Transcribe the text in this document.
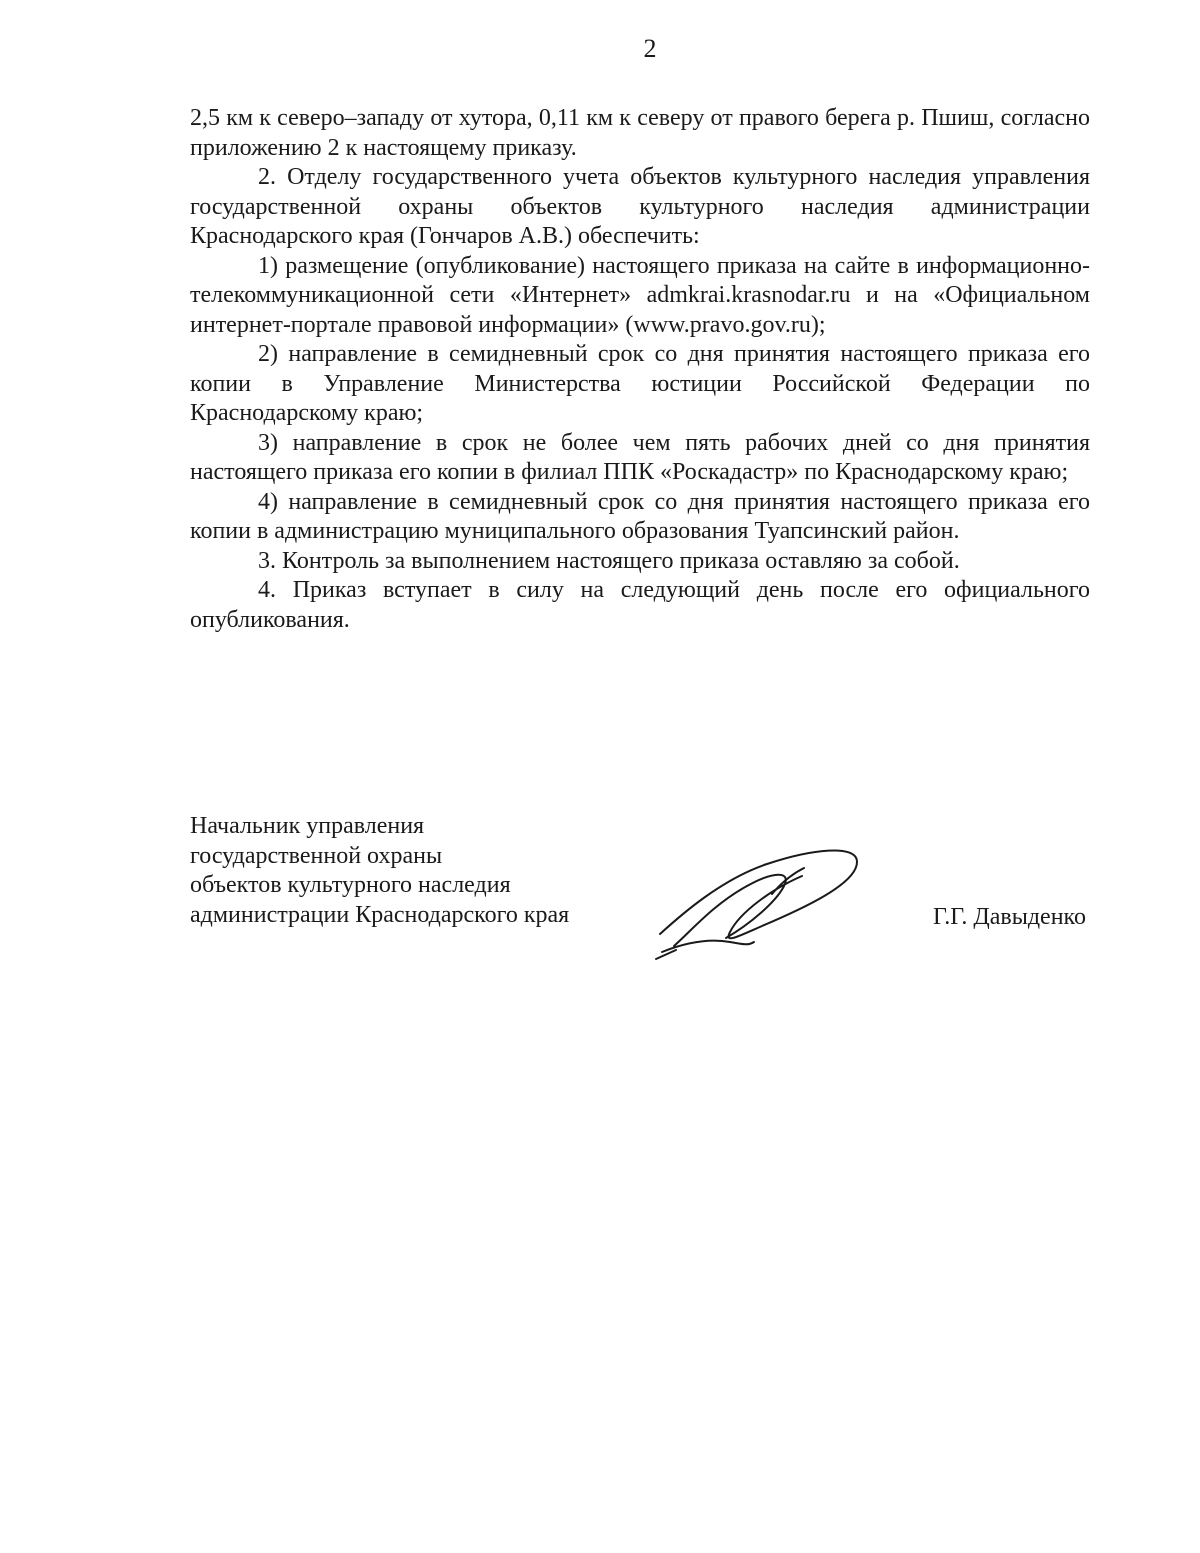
2

2,5 км к северо–западу от хутора, 0,11 км к северу от правого берега р. Пшиш, согласно приложению 2 к настоящему приказу.

2. Отделу государственного учета объектов культурного наследия управления государственной охраны объектов культурного наследия администрации Краснодарского края (Гончаров А.В.) обеспечить:

1) размещение (опубликование) настоящего приказа на сайте в информационно-телекоммуникационной сети «Интернет» admkrai.krasnodar.ru и на «Официальном интернет-портале правовой информации» (www.pravo.gov.ru);

2) направление в семидневный срок со дня принятия настоящего приказа его копии в Управление Министерства юстиции Российской Федерации по Краснодарскому краю;

3) направление в срок не более чем пять рабочих дней со дня принятия настоящего приказа его копии в филиал ППК «Роскадастр» по Краснодарскому краю;

4) направление в семидневный срок со дня принятия настоящего приказа его копии в администрацию муниципального образования Туапсинский район.

3. Контроль за выполнением настоящего приказа оставляю за собой.

4. Приказ вступает в силу на следующий день после его официального опубликования.

Начальник управления
государственной охраны
объектов культурного наследия
администрации Краснодарского края	Г.Г. Давыденко
